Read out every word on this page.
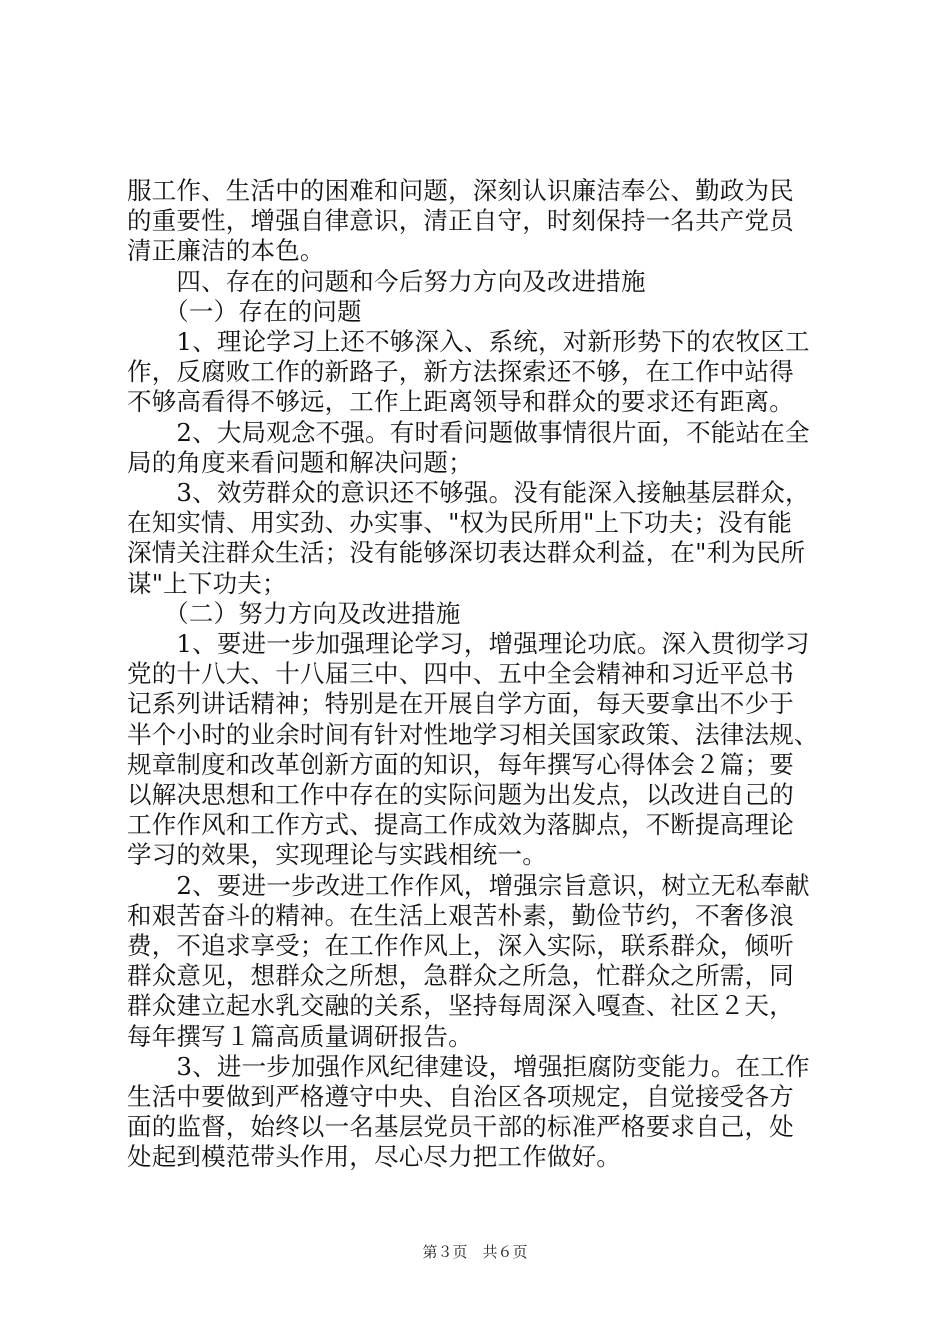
服工作、生活中的困难和问题，深刻认识廉洁奉公、勤政为民
的重要性，增强自律意识，清正自守，时刻保持一名共产党员
清正廉洁的本色。
　　四、存在的问题和今后努力方向及改进措施
　　（一）存在的问题
　　1、理论学习上还不够深入、系统，对新形势下的农牧区工
作，反腐败工作的新路子，新方法探索还不够，在工作中站得
不够高看得不够远，工作上距离领导和群众的要求还有距离。
　　2、大局观念不强。有时看问题做事情很片面，不能站在全
局的角度来看问题和解决问题；
　　3、效劳群众的意识还不够强。没有能深入接触基层群众，
在知实情、用实劲、办实事、"权为民所用"上下功夫；没有能
深情关注群众生活；没有能够深切表达群众利益，在"利为民所
谋"上下功夫；
　　（二）努力方向及改进措施
　　1、要进一步加强理论学习，增强理论功底。深入贯彻学习
党的十八大、十八届三中、四中、五中全会精神和习近平总书
记系列讲话精神；特别是在开展自学方面，每天要拿出不少于
半个小时的业余时间有针对性地学习相关国家政策、法律法规、
规章制度和改革创新方面的知识，每年撰写心得体会２篇；要
以解决思想和工作中存在的实际问题为出发点，以改进自己的
工作作风和工作方式、提高工作成效为落脚点，不断提高理论
学习的效果，实现理论与实践相统一。
　　2、要进一步改进工作作风，增强宗旨意识，树立无私奉献
和艰苦奋斗的精神。在生活上艰苦朴素，勤俭节约，不奢侈浪
费，不追求享受；在工作作风上，深入实际，联系群众，倾听
群众意见，想群众之所想，急群众之所急，忙群众之所需，同
群众建立起水乳交融的关系，坚持每周深入嘎查、社区２天，
每年撰写１篇高质量调研报告。
　　3、进一步加强作风纪律建设，增强拒腐防变能力。在工作
生活中要做到严格遵守中央、自治区各项规定，自觉接受各方
面的监督，始终以一名基层党员干部的标准严格要求自己，处
处起到模范带头作用，尽心尽力把工作做好。
第３页　共６页
